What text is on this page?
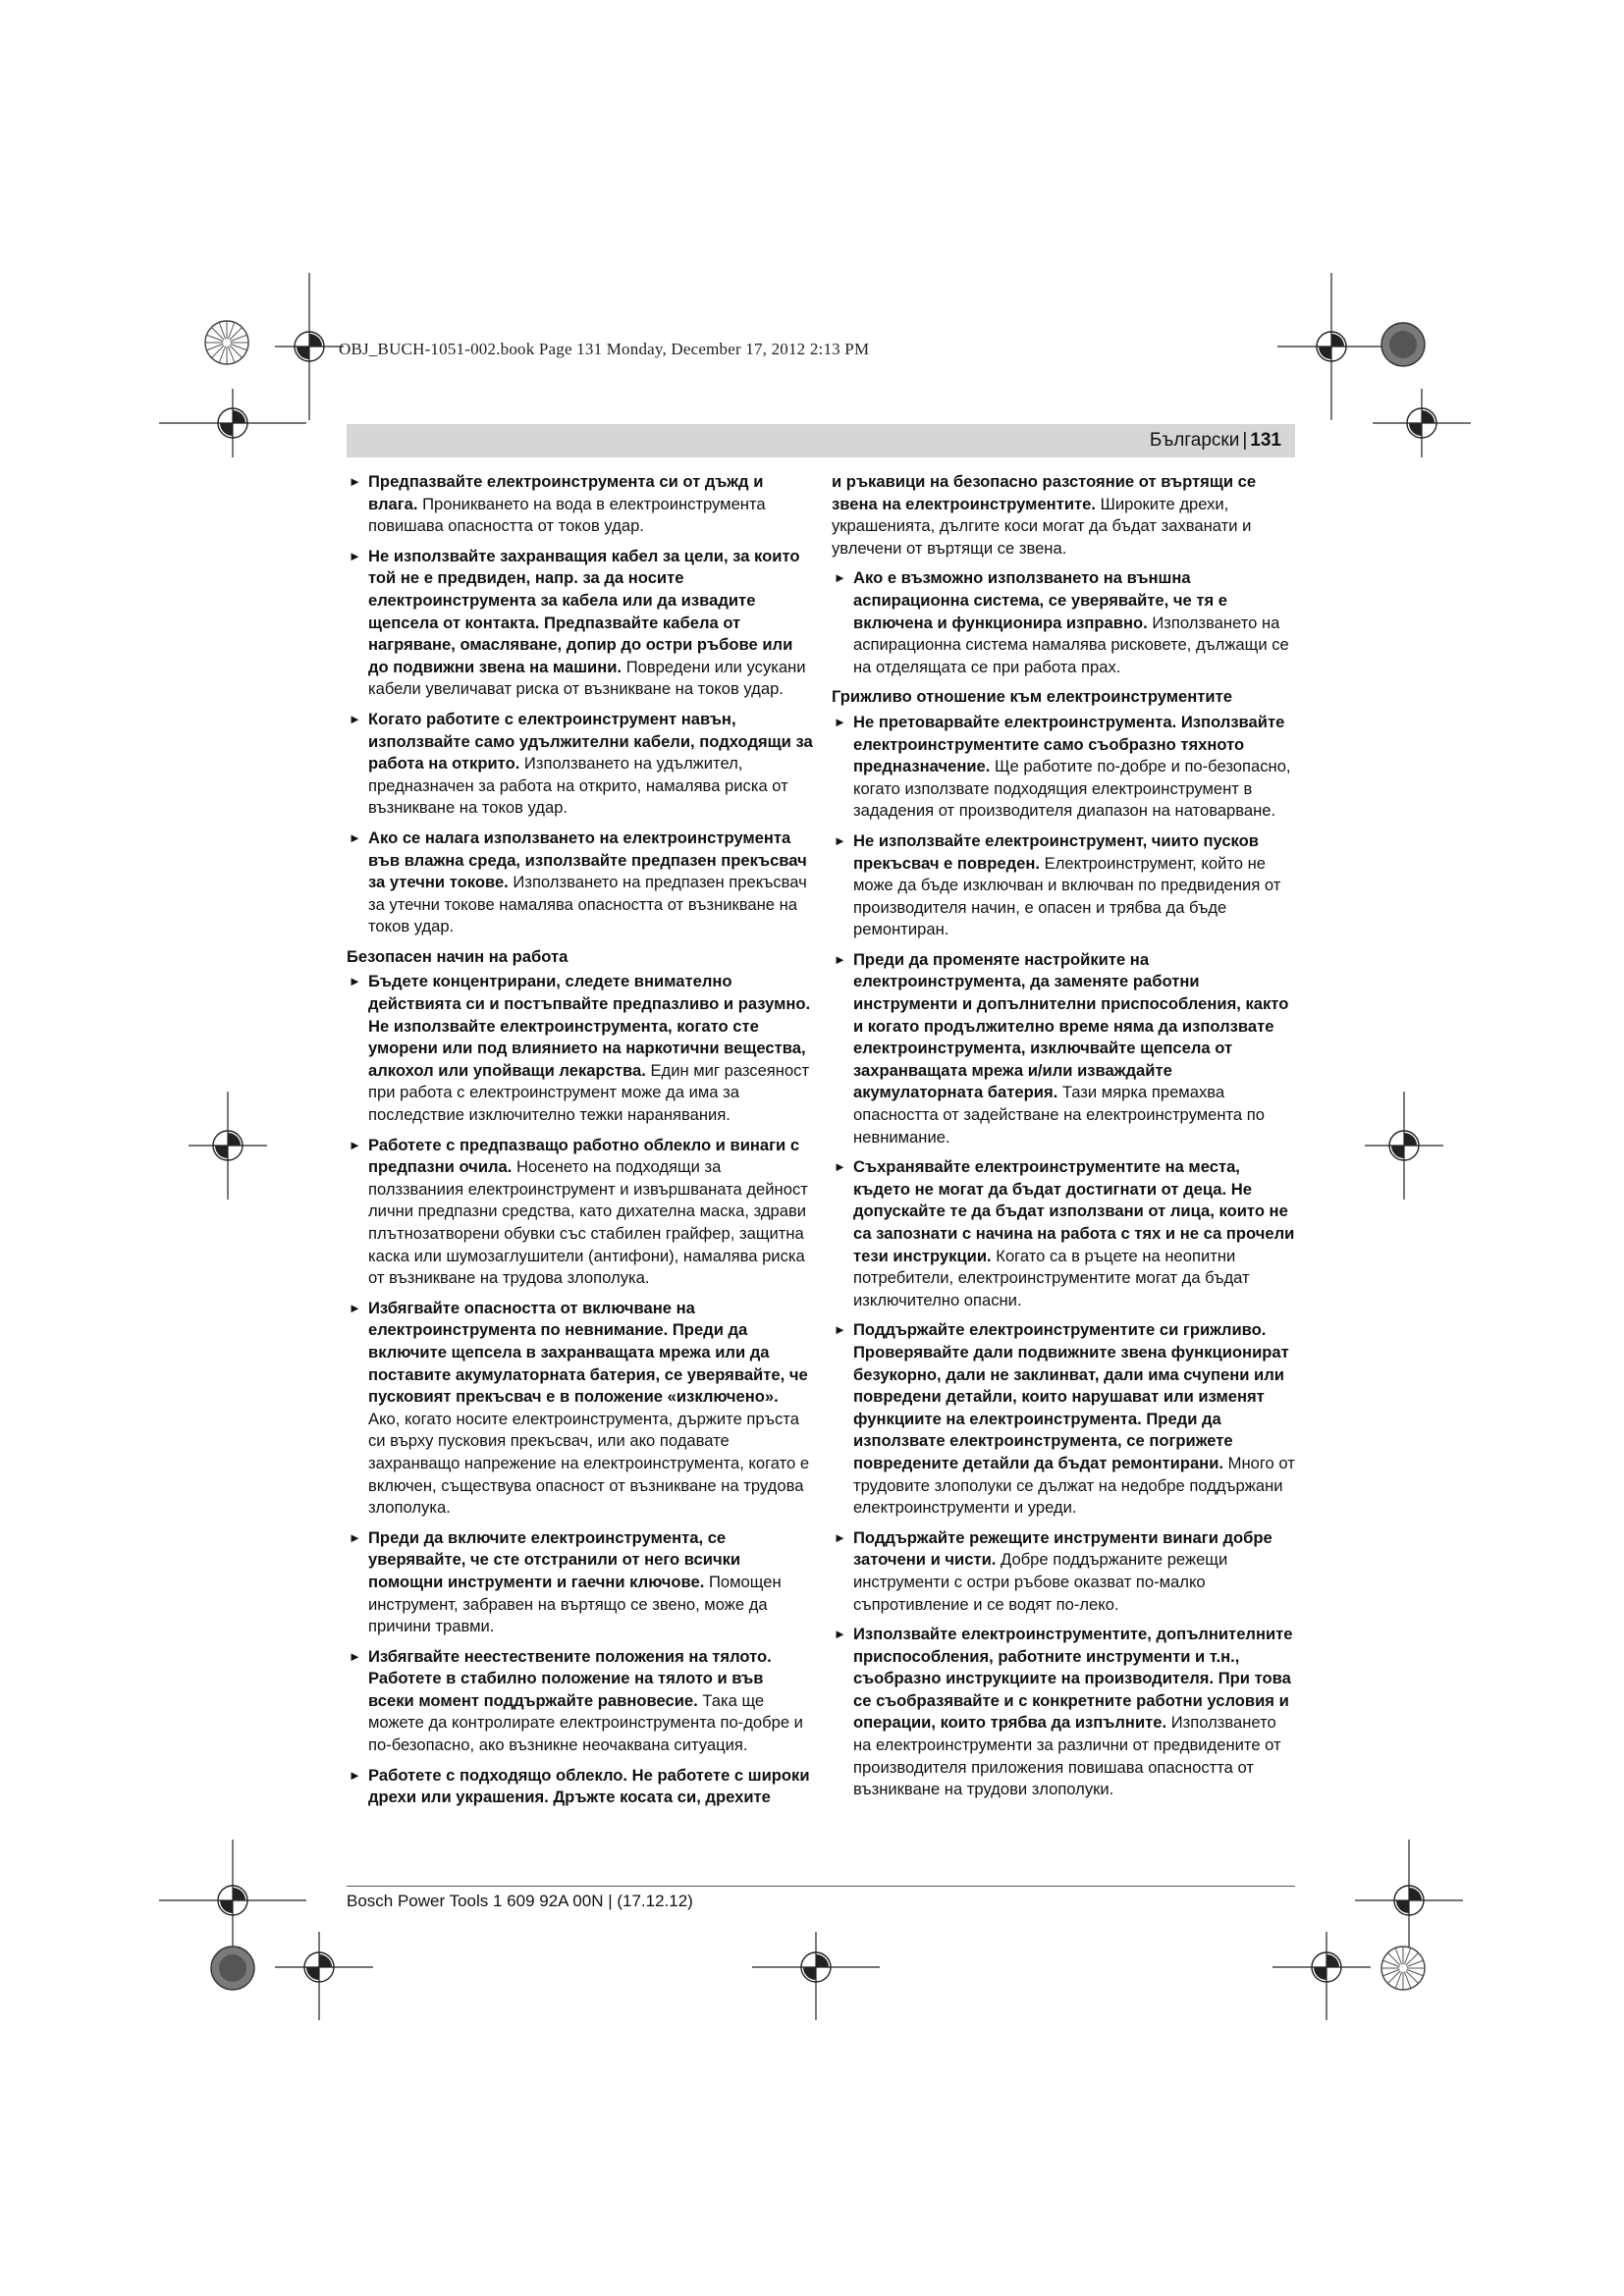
OBJ_BUCH-1051-002.book Page 131 Monday, December 17, 2012 2:13 PM
Български | 131
► Предпазвайте електроинструмента си от дъжд и влага. Проникването на вода в електроинструмента повишава опасността от токов удар.
► Не използвайте захранващия кабел за цели, за които той не е предвиден, напр. за да носите електроинструмента за кабела или да извадите щепсела от контакта. Предпазвайте кабела от нагряване, омасляване, допир до остри ръбове или до подвижни звена на машини. Повредени или усукани кабели увеличават риска от възникване на токов удар.
► Когато работите с електроинструмент навън, използвайте само удължителни кабели, подходящи за работа на открито. Използването на удължител, предназначен за работа на открито, намалява риска от възникване на токов удар.
► Ако се налага използването на електроинструмента във влажна среда, използвайте предпазен прекъсвач за утечни токове. Използването на предпазен прекъсвач за утечни токове намалява опасността от възникване на токов удар.
Безопасен начин на работа
► Бъдете концентрирани, следете внимателно действията си и постъпвайте предпазливо и разумно. Не използвайте електроинструмента, когато сте уморени или под влиянието на наркотични вещества, алкохол или упойващи лекарства. Един миг разсеяност при работа с електроинструмент може да има за последствие изключително тежки наранявания.
► Работете с предпазващо работно облекло и винаги с предпазни очила. Носенето на подходящи за полззваниия електроинструмент и извършваната дейност лични предпазни средства, като дихателна маска, здрави плътнозатворени обувки със стабилен грайфер, защитна каска или шумозаглушители (антифони), намалява риска от възникване на трудова злополука.
► Избягвайте опасността от включване на електроинструмента по невнимание. Преди да включите щепсела в захранващата мрежа или да поставите акумулаторната батерия, се уверявайте, че пусковият прекъсвач е в положение «изключено». Ако, когато носите електроинструмента, държите пръста си върху пусковия прекъсвач, или ако подавате захранващо напрежение на електроинструмента, когато е включен, съществува опасност от възникване на трудова злополука.
► Преди да включите електроинструмента, се уверявайте, че сте отстранили от него всички помощни инструменти и гаечни ключове. Помощен инструмент, забравен на въртящо се звено, може да причини травми.
► Избягвайте неестествените положения на тялото. Работете в стабилно положение на тялото и във всеки момент поддържайте равновесие. Така ще можете да контролирате електроинструмента по-добре и по-безопасно, ако възникне неочаквана ситуация.
► Работете с подходящо облекло. Не работете с широки дрехи или украшения. Дръжте косата си, дрехите
и ръкавици на безопасно разстояние от въртящи се звена на електроинструментите. Широките дрехи, украшенията, дългите коси могат да бъдат захванати и увлечени от въртящи се звена.
► Ако е възможно използването на външна аспирационна система, се уверявайте, че тя е включена и функционира изправно. Използването на аспирационна система намалява рисковете, дължащи се на отделящата се при работа прах.
Грижливо отношение към електроинструментите
► Не претоварвайте електроинструмента. Използвайте електроинструментите само съобразно тяхното предназначение. Ще работите по-добре и по-безопасно, когато използвате подходящия електроинструмент в зададения от производителя диапазон на натоварване.
► Не използвайте електроинструмент, чиито пусков прекъсвач е повреден. Електроинструмент, който не може да бъде изключван и включван по предвидения от производителя начин, е опасен и трябва да бъде ремонтиран.
► Преди да променяте настройките на електроинструмента, да заменяте работни инструменти и допълнителни приспособления, както и когато продължително време няма да използвате електроинструмента, изключвайте щепсела от захранващата мрежа и/или изваждайте акумулаторната батерия. Тази мярка премахва опасността от задействане на електроинструмента по невнимание.
► Съхранявайте електроинструментите на места, където не могат да бъдат достигнати от деца. Не допускайте те да бъдат използвани от лица, които не са запознати с начина на работа с тях и не са прочели тези инструкции. Когато са в ръцете на неопитни потребители, електроинструментите могат да бъдат изключително опасни.
► Поддържайте електроинструментите си грижливо. Проверявайте дали подвижните звена функционират безукорно, дали не заклинват, дали има счупени или повредени детайли, които нарушават или изменят функциите на електроинструмента. Преди да използвате електроинструмента, се погрижете повредените детайли да бъдат ремонтирани. Много от трудовите злополуки се дължат на недобре поддържани електроинструменти и уреди.
► Поддържайте режещите инструменти винаги добре заточени и чисти. Добре поддържаните режещи инструменти с остри ръбове оказват по-малко съпротивление и се водят по-леко.
► Използвайте електроинструментите, допълнителните приспособления, работните инструменти и т.н., съобразно инструкциите на производителя. При това се съобразявайте и с конкретните работни условия и операции, които трябва да изпълните. Използването на електроинструменти за различни от предвидените от производителя приложения повишава опасността от възникване на трудови злополуки.
Bosch Power Tools 1 609 92A 00N | (17.12.12)
